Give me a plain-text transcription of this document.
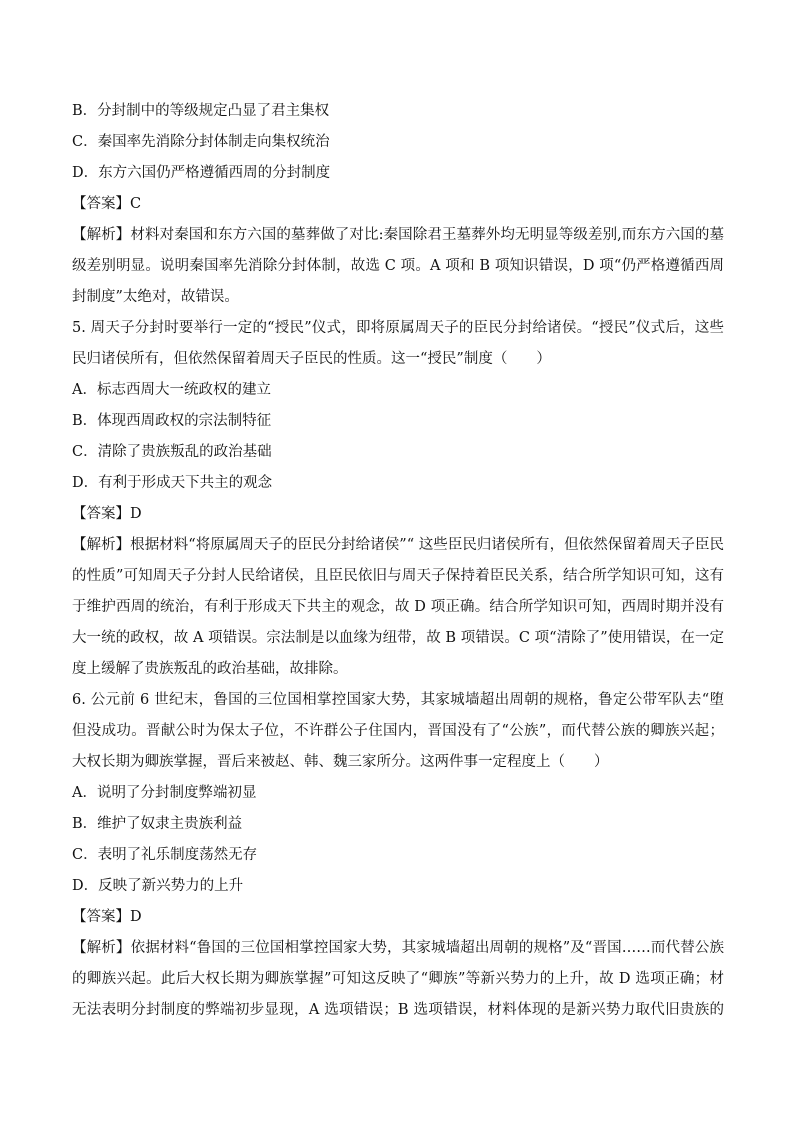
B．分封制中的等级规定凸显了君主集权
C．秦国率先消除分封体制走向集权统治
D．东方六国仍严格遵循西周的分封制度
【答案】C
【解析】材料对秦国和东方六国的墓葬做了对比:秦国除君王墓葬外均无明显等级差别,而东方六国的墓
级差别明显。说明秦国率先消除分封体制，故选 C 项。A 项和 B 项知识错误，D 项“仍严格遵循西周
封制度”太绝对，故错误。
5. 周天子分封时要举行一定的“授民”仪式，即将原属周天子的臣民分封给诸侯。“授民”仪式后，这些
民归诸侯所有，但依然保留着周天子臣民的性质。这一“授民”制度（　　）
A．标志西周大一统政权的建立
B．体现西周政权的宗法制特征
C．清除了贵族叛乱的政治基础
D．有利于形成天下共主的观念
【答案】D
【解析】根据材料“将原属周天子的臣民分封给诸侯”“ 这些臣民归诸侯所有，但依然保留着周天子臣民
的性质”可知周天子分封人民给诸侯，且臣民依旧与周天子保持着臣民关系，结合所学知识可知，这有
于维护西周的统治，有利于形成天下共主的观念，故 D 项正确。结合所学知识可知，西周时期并没有
大一统的政权，故 A 项错误。宗法制是以血缘为纽带，故 B 项错误。C 项“清除了”使用错误，在一定
度上缓解了贵族叛乱的政治基础，故排除。
6. 公元前 6 世纪末，鲁国的三位国相掌控国家大势，其家城墙超出周朝的规格，鲁定公带军队去“堕
但没成功。晋献公时为保太子位，不许群公子住国内，晋国没有了“公族”，而代替公族的卿族兴起；
大权长期为卿族掌握，晋后来被赵、韩、魏三家所分。这两件事一定程度上（　　）
A．说明了分封制度弊端初显
B．维护了奴隶主贵族利益
C．表明了礼乐制度荡然无存
D．反映了新兴势力的上升
【答案】D
【解析】依据材料“鲁国的三位国相掌控国家大势，其家城墙超出周朝的规格”及“晋国……而代替公族
的卿族兴起。此后大权长期为卿族掌握”可知这反映了“卿族”等新兴势力的上升，故 D 选项正确；材
无法表明分封制度的弊端初步显现，A 选项错误；B 选项错误，材料体现的是新兴势力取代旧贵族的
